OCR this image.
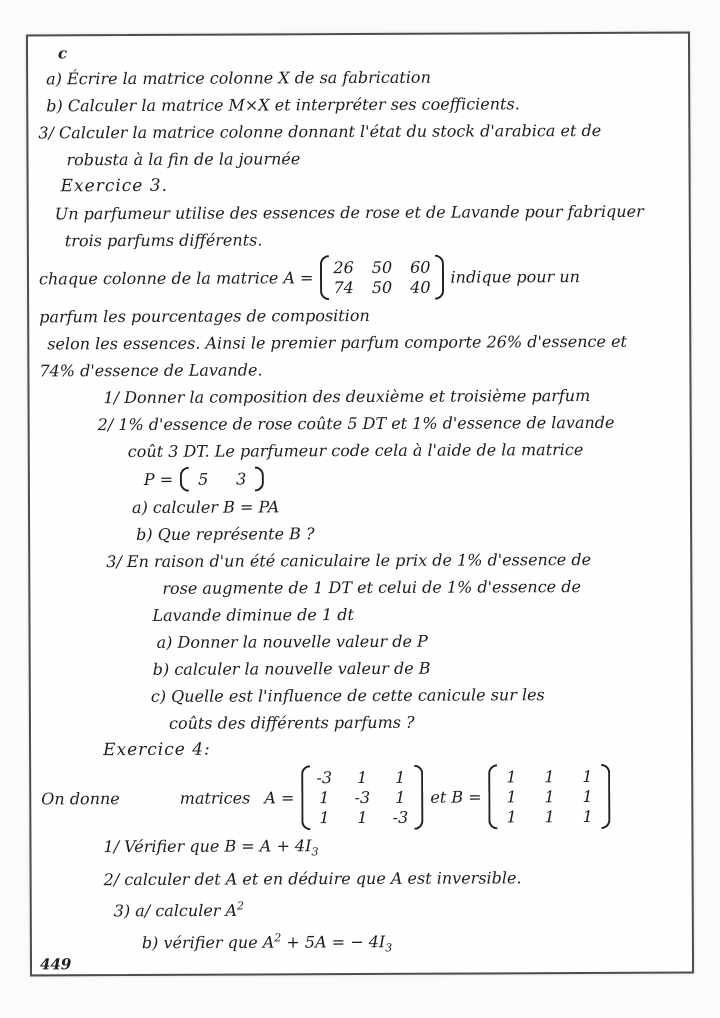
c
a) Écrire la matrice colonne X de sa fabrication
b) Calculer la matrice M×X et interpréter ses coefficients.
3/ Calculer la matrice colonne donnant l'état du stock d'arabica et de
robusta à la fin de la journée
Exercice 3.
Un parfumeur utilise des essences de rose et de Lavande pour fabriquer
trois parfums différents.
chaque colonne de la matrice A =
26 50 60
74 50 40
indique pour un
parfum les pourcentages de composition
selon les essences. Ainsi le premier parfum comporte 26% d'essence et
74% d'essence de Lavande.
1/ Donner la composition des deuxième et troisième parfum
2/ 1% d'essence de rose coûte 5 DT et 1% d'essence de lavande
coût 3 DT. Le parfumeur code cela à l'aide de la matrice
P =	5	3
a) calculer B = PA
b) Que représente B ?
3/ En raison d'un été caniculaire le prix de 1% d'essence de
rose augmente de 1 DT et celui de 1% d'essence de
Lavande diminue de 1 dt
a) Donner la nouvelle valeur de P
b) calculer la nouvelle valeur de B
c) Quelle est l'influence de cette canicule sur les
coûts des différents parfums ?
Exercice 4:
On donne	matrices A =
-3	1	1
1	-3	1
1	1	-3
et B =
1	1	1
1	1	1
1	1	1
1/ Vérifier que $B = A + 4I_3$
2/ calculer det A et en déduire que A est inversible.
3) a/ calculer $A^2$
b) vérifier que $A^2 + 5A$ = − $4I_3$
449
